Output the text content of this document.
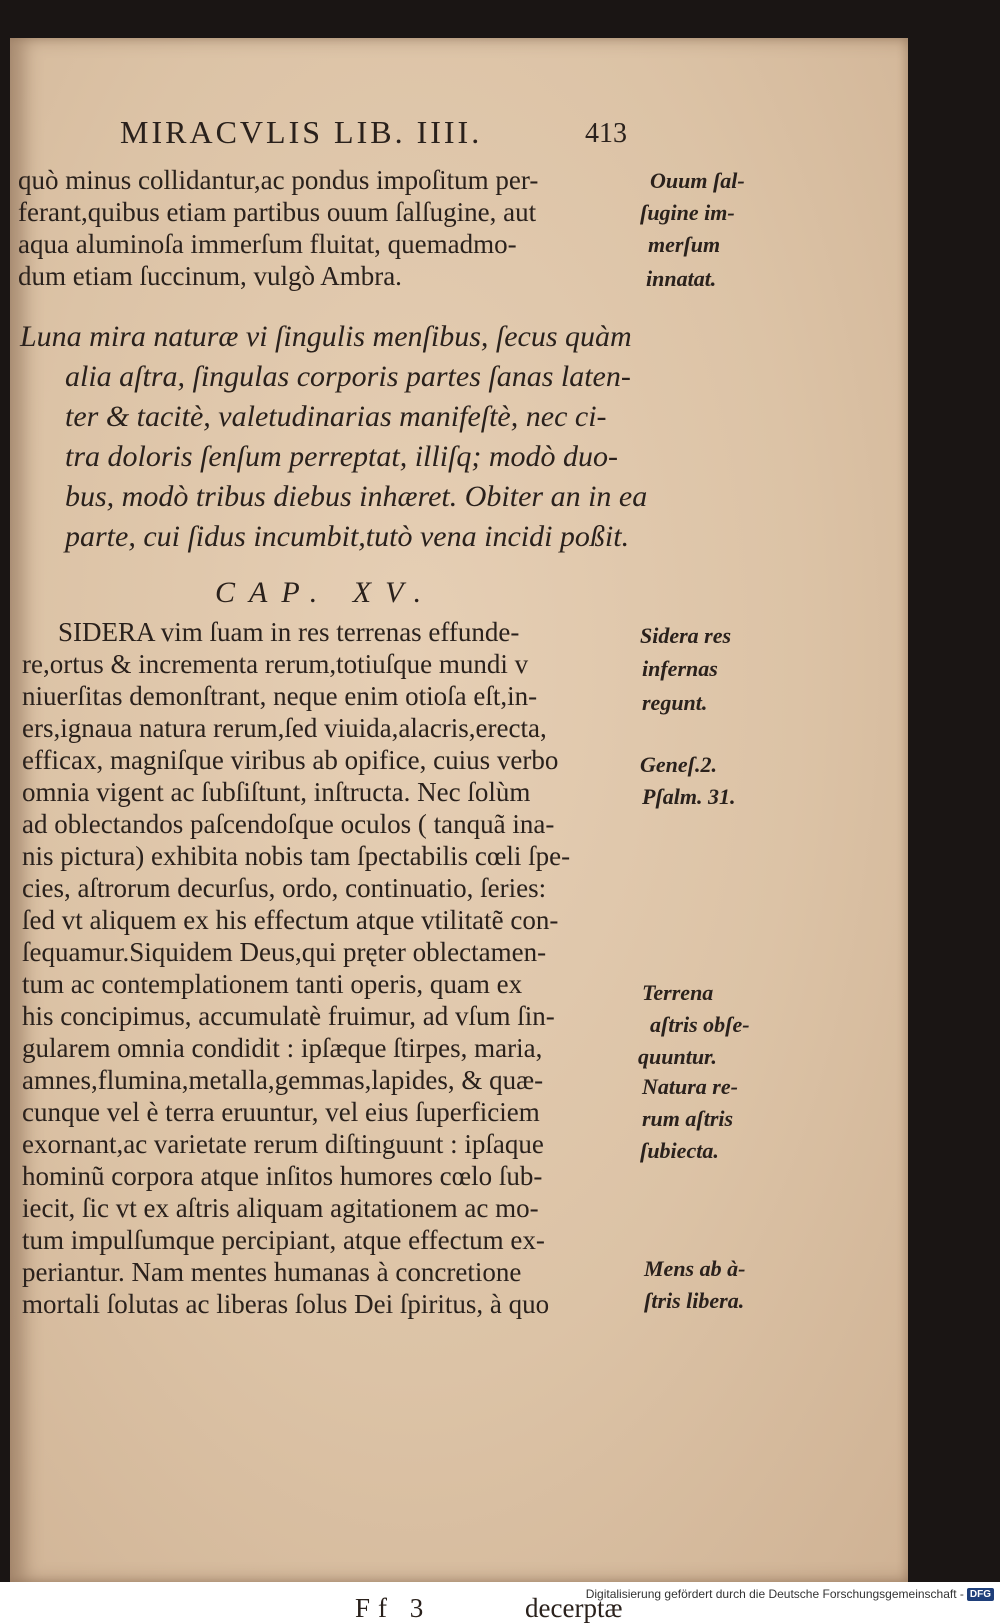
MIRACVLIS LIB. IIII.	413
quò minus collidantur,ac pondus impoſitum per-
ferant,quibus etiam partibus ouum ſalſugine, aut
aqua aluminoſa immerſum fluitat, quemadmo-
dum etiam ſuccinum, vulgò Ambra.
Ouum ſal-
ſugine im-
merſum
innatat.
Luna mira naturæ vi ſingulis menſibus, ſecus quàm
alia aſtra, ſingulas corporis partes ſanas laten-
ter & tacitè, valetudinarias manifeſtè, nec ci-
tra doloris ſenſum perreptat, illiſq; modò duo-
bus, modò tribus diebus inhæret. Obiter an in ea
parte, cui ſidus incumbit,tutò vena incidi poßit.
CAP. XV.
SIDERA vim ſuam in res terrenas effunde-
re,ortus & incrementa rerum,totiuſque mundi v
niuerſitas demonſtrant, neque enim otioſa eſt,in-
ers,ignaua natura rerum,ſed viuida,alacris,erecta,
efficax, magniſque viribus ab opifice, cuius verbo
omnia vigent ac ſubſiſtunt, inſtructa. Nec ſolùm
ad oblectandos paſcendoſque oculos ( tanquã ina-
nis pictura) exhibita nobis tam ſpectabilis cœli ſpe-
cies, aſtrorum decurſus, ordo, continuatio, ſeries:
ſed vt aliquem ex his effectum atque vtilitatẽ con-
ſequamur.Siquidem Deus,qui pręter oblectamen-
tum ac contemplationem tanti operis, quam ex
his concipimus, accumulatè fruimur, ad vſum ſin-
gularem omnia condidit : ipſæque ſtirpes, maria,
amnes,flumina,metalla,gemmas,lapides, & quæ-
cunque vel è terra eruuntur, vel eius ſuperficiem
exornant,ac varietate rerum diſtinguunt : ipſaque
hominũ corpora atque inſitos humores cœlo ſub-
iecit, ſic vt ex aſtris aliquam agitationem ac mo-
tum impulſumque percipiant, atque effectum ex-
periantur. Nam mentes humanas à concretione
mortali ſolutas ac liberas ſolus Dei ſpiritus, à quo
Sidera res
infernas
regunt.
Geneſ.2.
Pſalm. 31.
Terrena
aſtris obſe-
quuntur.
Natura re-
rum aſtris
ſubiecta.
Mens ab à-
ſtris libera.
Ff 3	decerptæ
Digitalisierung gefördert durch die Deutsche Forschungsgemeinschaft - DFG
